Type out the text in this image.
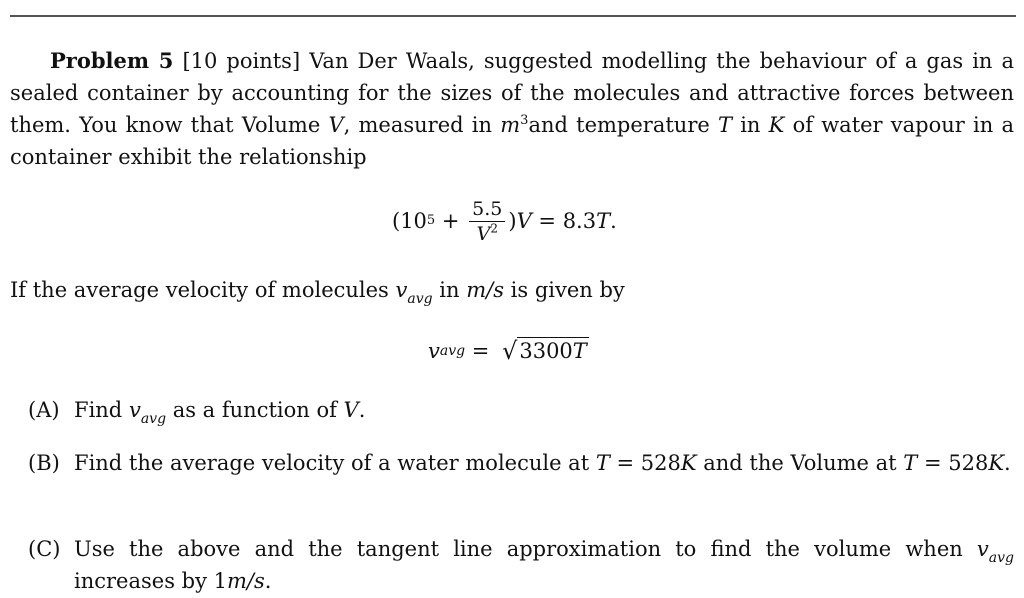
Problem 5 [10 points] Van Der Waals, suggested modelling the behaviour of a gas in a sealed container by accounting for the sizes of the molecules and attractive forces between them. You know that Volume V, measured in $m^3and$ temperature T in K of water vapour in a container exhibit the relationship
(10 $5 + \frac{5.5}{V^2}$ ) V = 8.3 T .
If the average velocity of molecules $v_{avg}$ in m/s is given by
v avg = √ 3300T
(A) Find $v_{avg}$ as a function of V.
(B) Find the average velocity of a water molecule at T = 528K and the Volume at T = 528K.
(C) Use the above and the tangent line approximation to find the volume when $v_{avg}$ increases by 1m/s.
